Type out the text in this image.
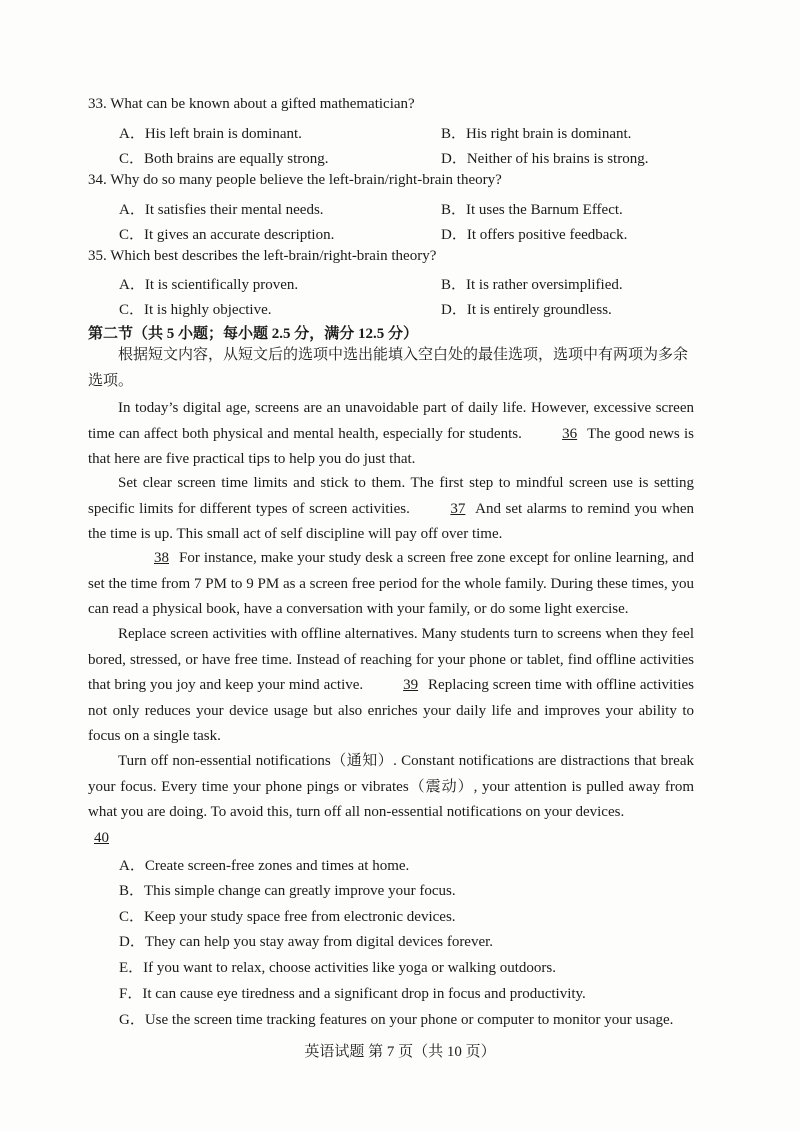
33. What can be known about a gifted mathematician?
A．His left brain is dominant.	B．His right brain is dominant.
C．Both brains are equally strong.	D．Neither of his brains is strong.
34. Why do so many people believe the left-brain/right-brain theory?
A．It satisfies their mental needs.	B．It uses the Barnum Effect.
C．It gives an accurate description.	D．It offers positive feedback.
35. Which best describes the left-brain/right-brain theory?
A．It is scientifically proven.	B．It is rather oversimplified.
C．It is highly objective.	D．It is entirely groundless.
第二节（共 5 小题；每小题 2.5 分，满分 12.5 分）
根据短文内容，从短文后的选项中选出能填入空白处的最佳选项，选项中有两项为多余选项。
In today’s digital age, screens are an unavoidable part of daily life. However, excessive screen time can affect both physical and mental health, especially for students.	36 The good news is that here are five practical tips to help you do just that.
Set clear screen time limits and stick to them. The first step to mindful screen use is setting specific limits for different types of screen activities.	37 And set alarms to remind you when the time is up. This small act of self discipline will pay off over time.
38 For instance, make your study desk a screen free zone except for online learning, and set the time from 7 PM to 9 PM as a screen free period for the whole family. During these times, you can read a physical book, have a conversation with your family, or do some light exercise.
Replace screen activities with offline alternatives. Many students turn to screens when they feel bored, stressed, or have free time. Instead of reaching for your phone or tablet, find offline activities that bring you joy and keep your mind active.	39 Replacing screen time with offline activities not only reduces your device usage but also enriches your daily life and improves your ability to focus on a single task.
Turn off non-essential notifications（通知）. Constant notifications are distractions that break your focus. Every time your phone pings or vibrates（震动）, your attention is pulled away from what you are doing. To avoid this, turn off all non-essential notifications on your devices.
40
A．Create screen-free zones and times at home.
B．This simple change can greatly improve your focus.
C．Keep your study space free from electronic devices.
D．They can help you stay away from digital devices forever.
E．If you want to relax, choose activities like yoga or walking outdoors.
F．It can cause eye tiredness and a significant drop in focus and productivity.
G．Use the screen time tracking features on your phone or computer to monitor your usage.
英语试题 第 7 页（共 10 页）
